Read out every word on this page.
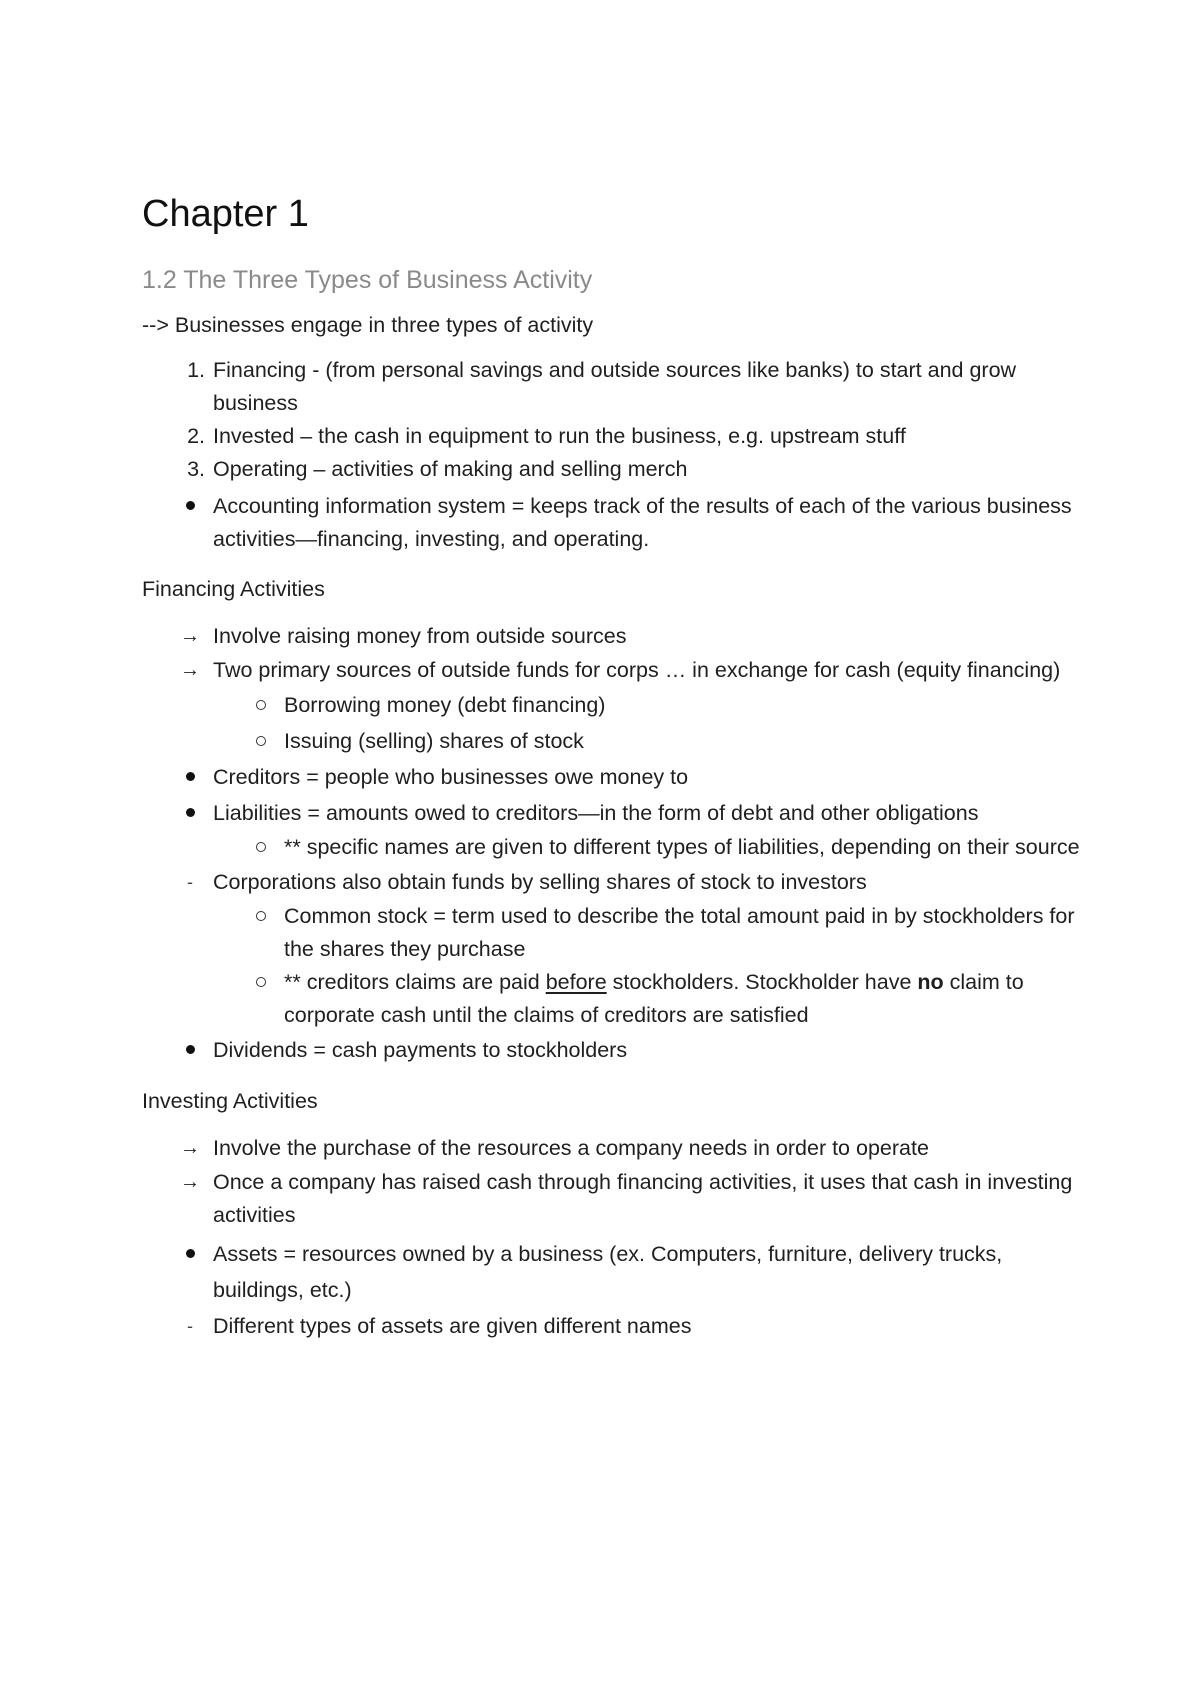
Chapter 1
1.2 The Three Types of Business Activity

--> Businesses engage in three types of activity

1. Financing - (from personal savings and outside sources like banks) to start and grow business
2. Invested – the cash in equipment to run the business, e.g. upstream stuff
3. Operating – activities of making and selling merch
Accounting information system = keeps track of the results of each of the various business activities—financing, investing, and operating.

Financing Activities

→ Involve raising money from outside sources
→ Two primary sources of outside funds for corps … in exchange for cash (equity financing)
Borrowing money (debt financing)
Issuing (selling) shares of stock
Creditors = people who businesses owe money to
Liabilities = amounts owed to creditors—in the form of debt and other obligations
** specific names are given to different types of liabilities, depending on their source
- Corporations also obtain funds by selling shares of stock to investors
Common stock = term used to describe the total amount paid in by stockholders for the shares they purchase
** creditors claims are paid before stockholders. Stockholder have no claim to corporate cash until the claims of creditors are satisfied
Dividends = cash payments to stockholders

Investing Activities

→ Involve the purchase of the resources a company needs in order to operate
→ Once a company has raised cash through financing activities, it uses that cash in investing activities
Assets = resources owned by a business (ex. Computers, furniture, delivery trucks, buildings, etc.)
- Different types of assets are given different names
